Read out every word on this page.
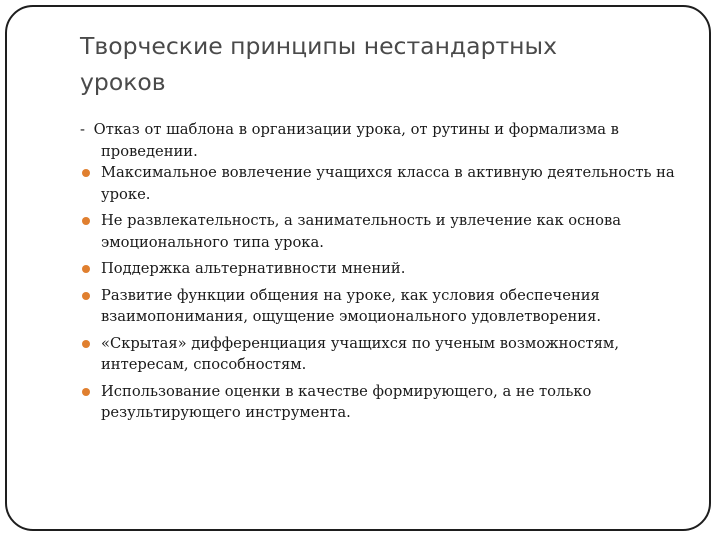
Творческие принципы нестандартных уроков
- Отказ от шаблона в организации урока, от рутины и формализма в проведении.
Максимальное вовлечение учащихся класса в активную деятельность на уроке.
Не развлекательность, а занимательность и увлечение как основа эмоционального типа урока.
Поддержка альтернативности мнений.
Развитие функции общения на уроке, как условия обеспечения взаимопонимания, ощущение эмоционального удовлетворения.
«Скрытая» дифференциация учащихся по ученым возможностям, интересам, способностям.
Использование оценки в качестве формирующего, а не только результирующего инструмента.
